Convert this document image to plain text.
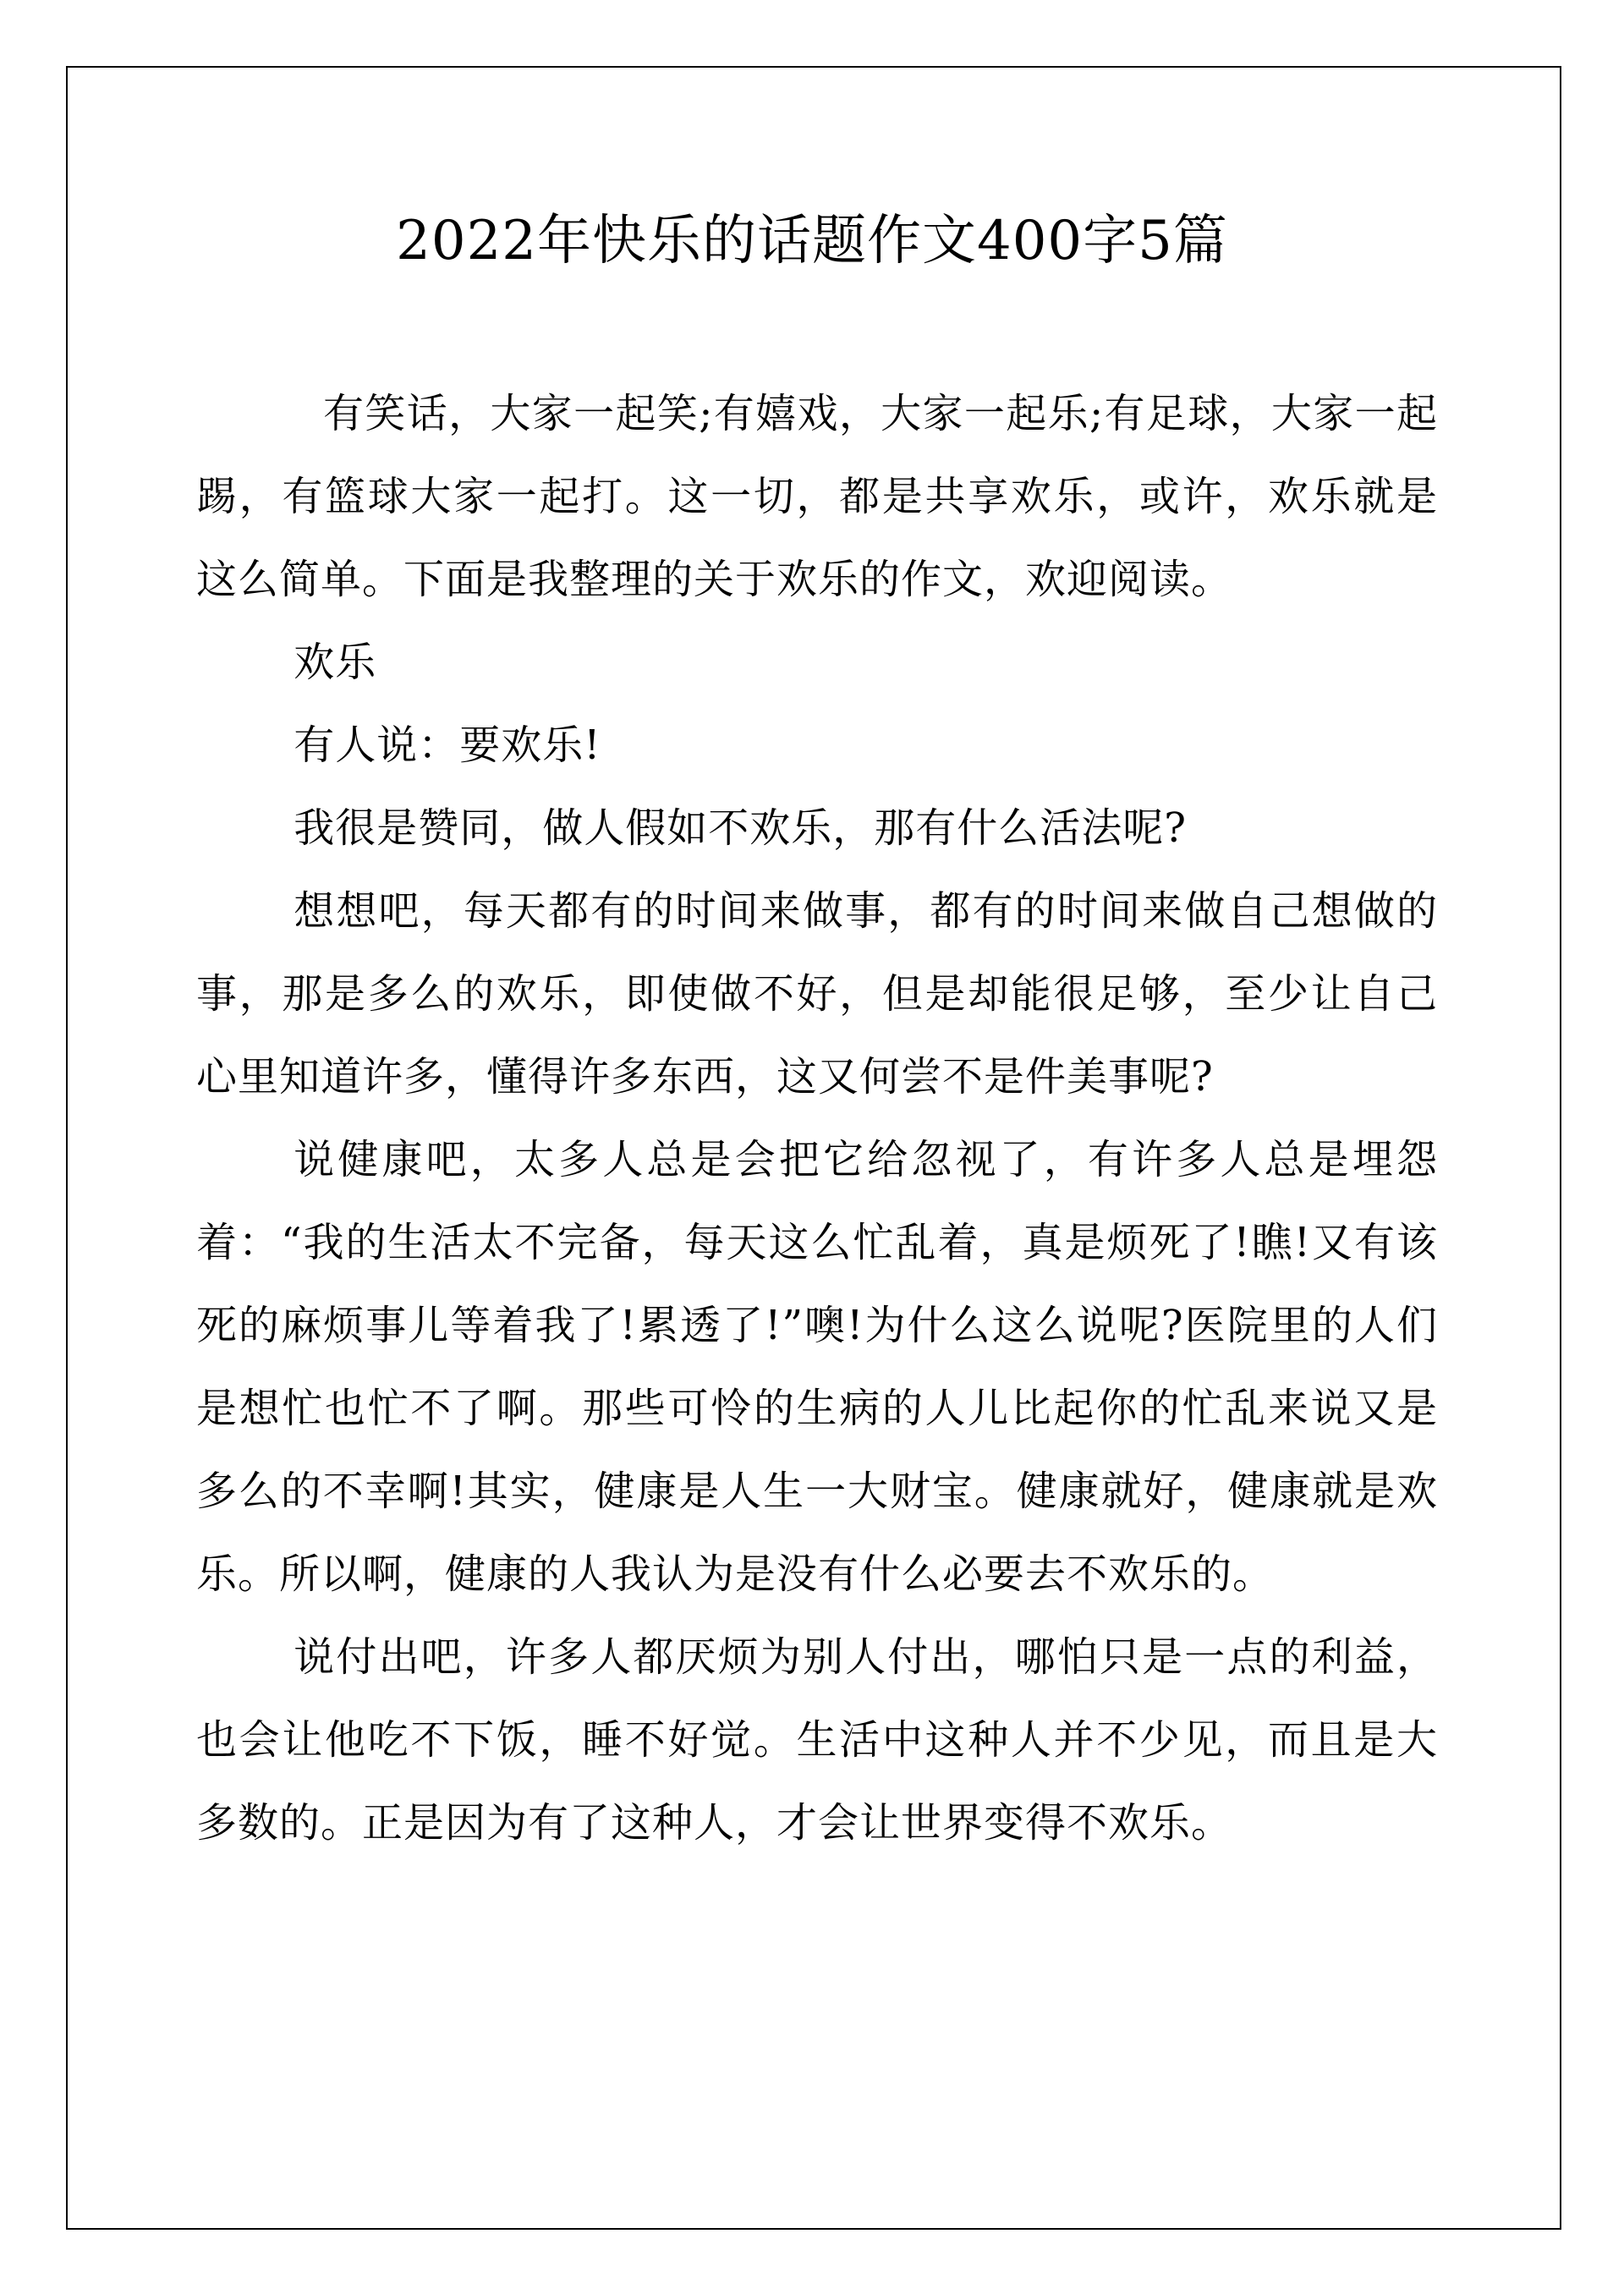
2022年快乐的话题作文400字5篇

有笑话，大家一起笑;有嬉戏，大家一起乐;有足球，大家一起踢，有篮球大家一起打。这一切，都是共享欢乐，或许，欢乐就是这么简单。下面是我整理的关于欢乐的作文，欢迎阅读。

欢乐

有人说：要欢乐!

我很是赞同，做人假如不欢乐，那有什么活法呢?

想想吧，每天都有的时间来做事，都有的时间来做自己想做的事，那是多么的欢乐，即使做不好，但是却能很足够，至少让自己心里知道许多，懂得许多东西，这又何尝不是件美事呢?

说健康吧，太多人总是会把它给忽视了，有许多人总是埋怨着：“我的生活太不完备，每天这么忙乱着，真是烦死了!瞧!又有该死的麻烦事儿等着我了!累透了!”噢!为什么这么说呢?医院里的人们是想忙也忙不了啊。那些可怜的生病的人儿比起你的忙乱来说又是多么的不幸啊!其实，健康是人生一大财宝。健康就好，健康就是欢乐。所以啊，健康的人我认为是没有什么必要去不欢乐的。

说付出吧，许多人都厌烦为别人付出，哪怕只是一点的利益，也会让他吃不下饭，睡不好觉。生活中这种人并不少见，而且是大多数的。正是因为有了这种人，才会让世界变得不欢乐。
